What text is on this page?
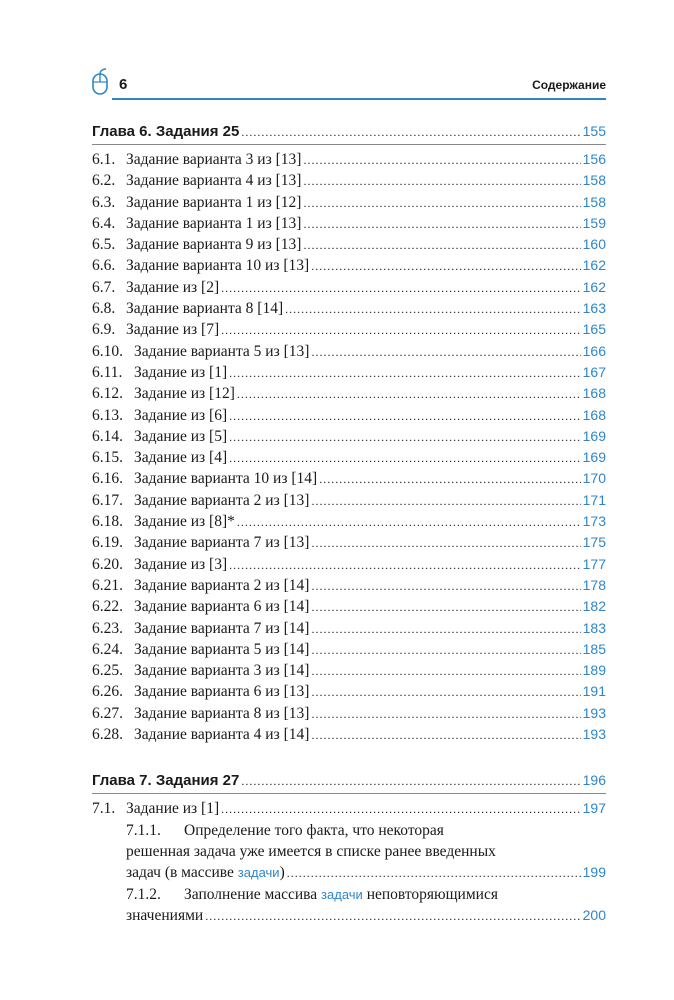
6	Содержание
Глава 6. Задания 25 .....	155
6.1. Задание варианта 3 из [13] .....	156
6.2. Задание варианта 4 из [13] .....	158
6.3. Задание варианта 1 из [12] .....	158
6.4. Задание варианта 1 из [13] .....	159
6.5. Задание варианта 9 из [13] .....	160
6.6. Задание варианта 10 из [13] .....	162
6.7. Задание из [2] .....	162
6.8. Задание варианта 8 [14] .....	163
6.9. Задание из [7] .....	165
6.10. Задание варианта 5 из [13] .....	166
6.11. Задание из [1] .....	167
6.12. Задание из [12] .....	168
6.13. Задание из [6] .....	168
6.14. Задание из [5] .....	169
6.15. Задание из [4] .....	169
6.16. Задание варианта 10 из [14] .....	170
6.17. Задание варианта 2 из [13] .....	171
6.18. Задание из [8]* .....	173
6.19. Задание варианта 7 из [13] .....	175
6.20. Задание из [3] .....	177
6.21. Задание варианта 2 из [14] .....	178
6.22. Задание варианта 6 из [14] .....	182
6.23. Задание варианта 7 из [14] .....	183
6.24. Задание варианта 5 из [14] .....	185
6.25. Задание варианта 3 из [14] .....	189
6.26. Задание варианта 6 из [13] .....	191
6.27. Задание варианта 8 из [13] .....	193
6.28. Задание варианта 4 из [14] .....	193
Глава 7. Задания 27 .....	196
7.1. Задание из [1] .....	197
7.1.1. Определение того факта, что некоторая
решенная задача уже имеется в списке ранее введенных
задач (в массиве задачи) .....	199
7.1.2. Заполнение массива задачи неповторяющимися
значениями .....	200
